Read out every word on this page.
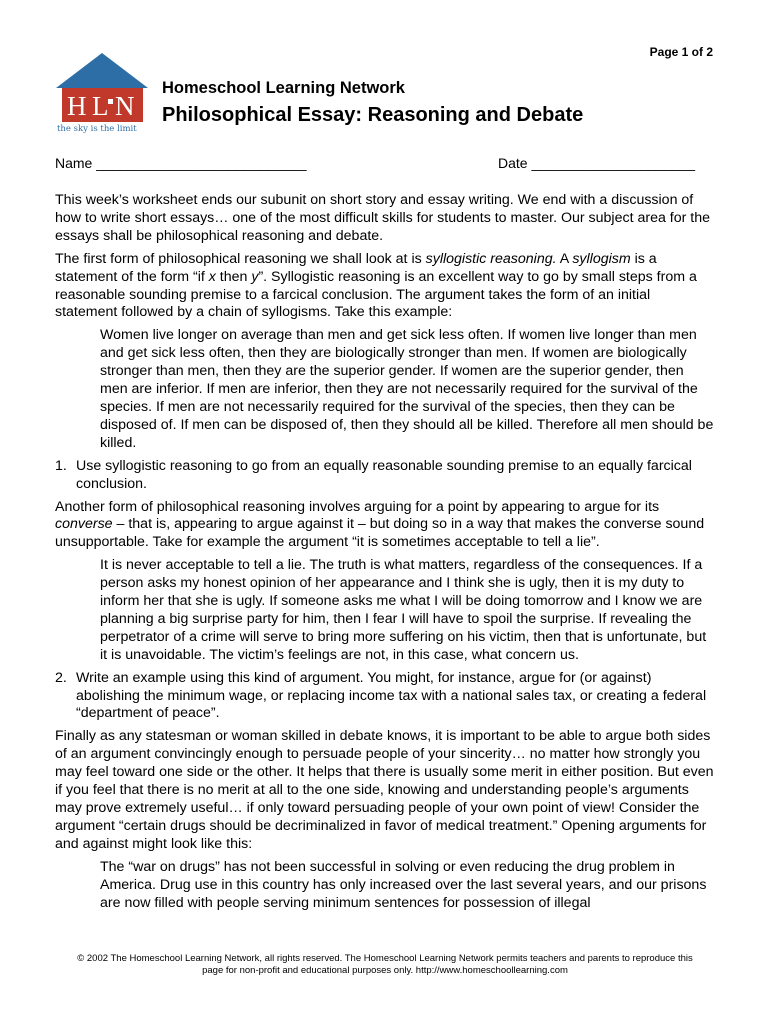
Page 1 of 2
H L N
the sky is the limit
Homeschool Learning Network
Philosophical Essay: Reasoning and Debate
Name ___________________________	Date _____________________

This week’s worksheet ends our subunit on short story and essay writing. We end with a discussion of how to write short essays… one of the most difficult skills for students to master. Our subject area for the essays shall be philosophical reasoning and debate.

The first form of philosophical reasoning we shall look at is syllogistic reasoning. A syllogism is a statement of the form “if x then y”. Syllogistic reasoning is an excellent way to go by small steps from a reasonable sounding premise to a farcical conclusion. The argument takes the form of an initial statement followed by a chain of syllogisms. Take this example:

Women live longer on average than men and get sick less often. If women live longer than men and get sick less often, then they are biologically stronger than men. If women are biologically stronger than men, then they are the superior gender. If women are the superior gender, then men are inferior. If men are inferior, then they are not necessarily required for the survival of the species. If men are not necessarily required for the survival of the species, then they can be disposed of. If men can be disposed of, then they should all be killed. Therefore all men should be killed.
1. Use syllogistic reasoning to go from an equally reasonable sounding premise to an equally farcical conclusion.

Another form of philosophical reasoning involves arguing for a point by appearing to argue for its converse – that is, appearing to argue against it – but doing so in a way that makes the converse sound unsupportable. Take for example the argument “it is sometimes acceptable to tell a lie”.

It is never acceptable to tell a lie. The truth is what matters, regardless of the consequences. If a person asks my honest opinion of her appearance and I think she is ugly, then it is my duty to inform her that she is ugly. If someone asks me what I will be doing tomorrow and I know we are planning a big surprise party for him, then I fear I will have to spoil the surprise. If revealing the perpetrator of a crime will serve to bring more suffering on his victim, then that is unfortunate, but it is unavoidable. The victim’s feelings are not, in this case, what concern us.
2. Write an example using this kind of argument. You might, for instance, argue for (or against) abolishing the minimum wage, or replacing income tax with a national sales tax, or creating a federal “department of peace”.

Finally as any statesman or woman skilled in debate knows, it is important to be able to argue both sides of an argument convincingly enough to persuade people of your sincerity… no matter how strongly you may feel toward one side or the other. It helps that there is usually some merit in either position. But even if you feel that there is no merit at all to the one side, knowing and understanding people’s arguments may prove extremely useful… if only toward persuading people of your own point of view! Consider the argument “certain drugs should be decriminalized in favor of medical treatment.” Opening arguments for and against might look like this:

The “war on drugs” has not been successful in solving or even reducing the drug problem in America. Drug use in this country has only increased over the last several years, and our prisons are now filled with people serving minimum sentences for possession of illegal
© 2002 The Homeschool Learning Network, all rights reserved. The Homeschool Learning Network permits teachers and parents to reproduce this
page for non-profit and educational purposes only. http://www.homeschoollearning.com
